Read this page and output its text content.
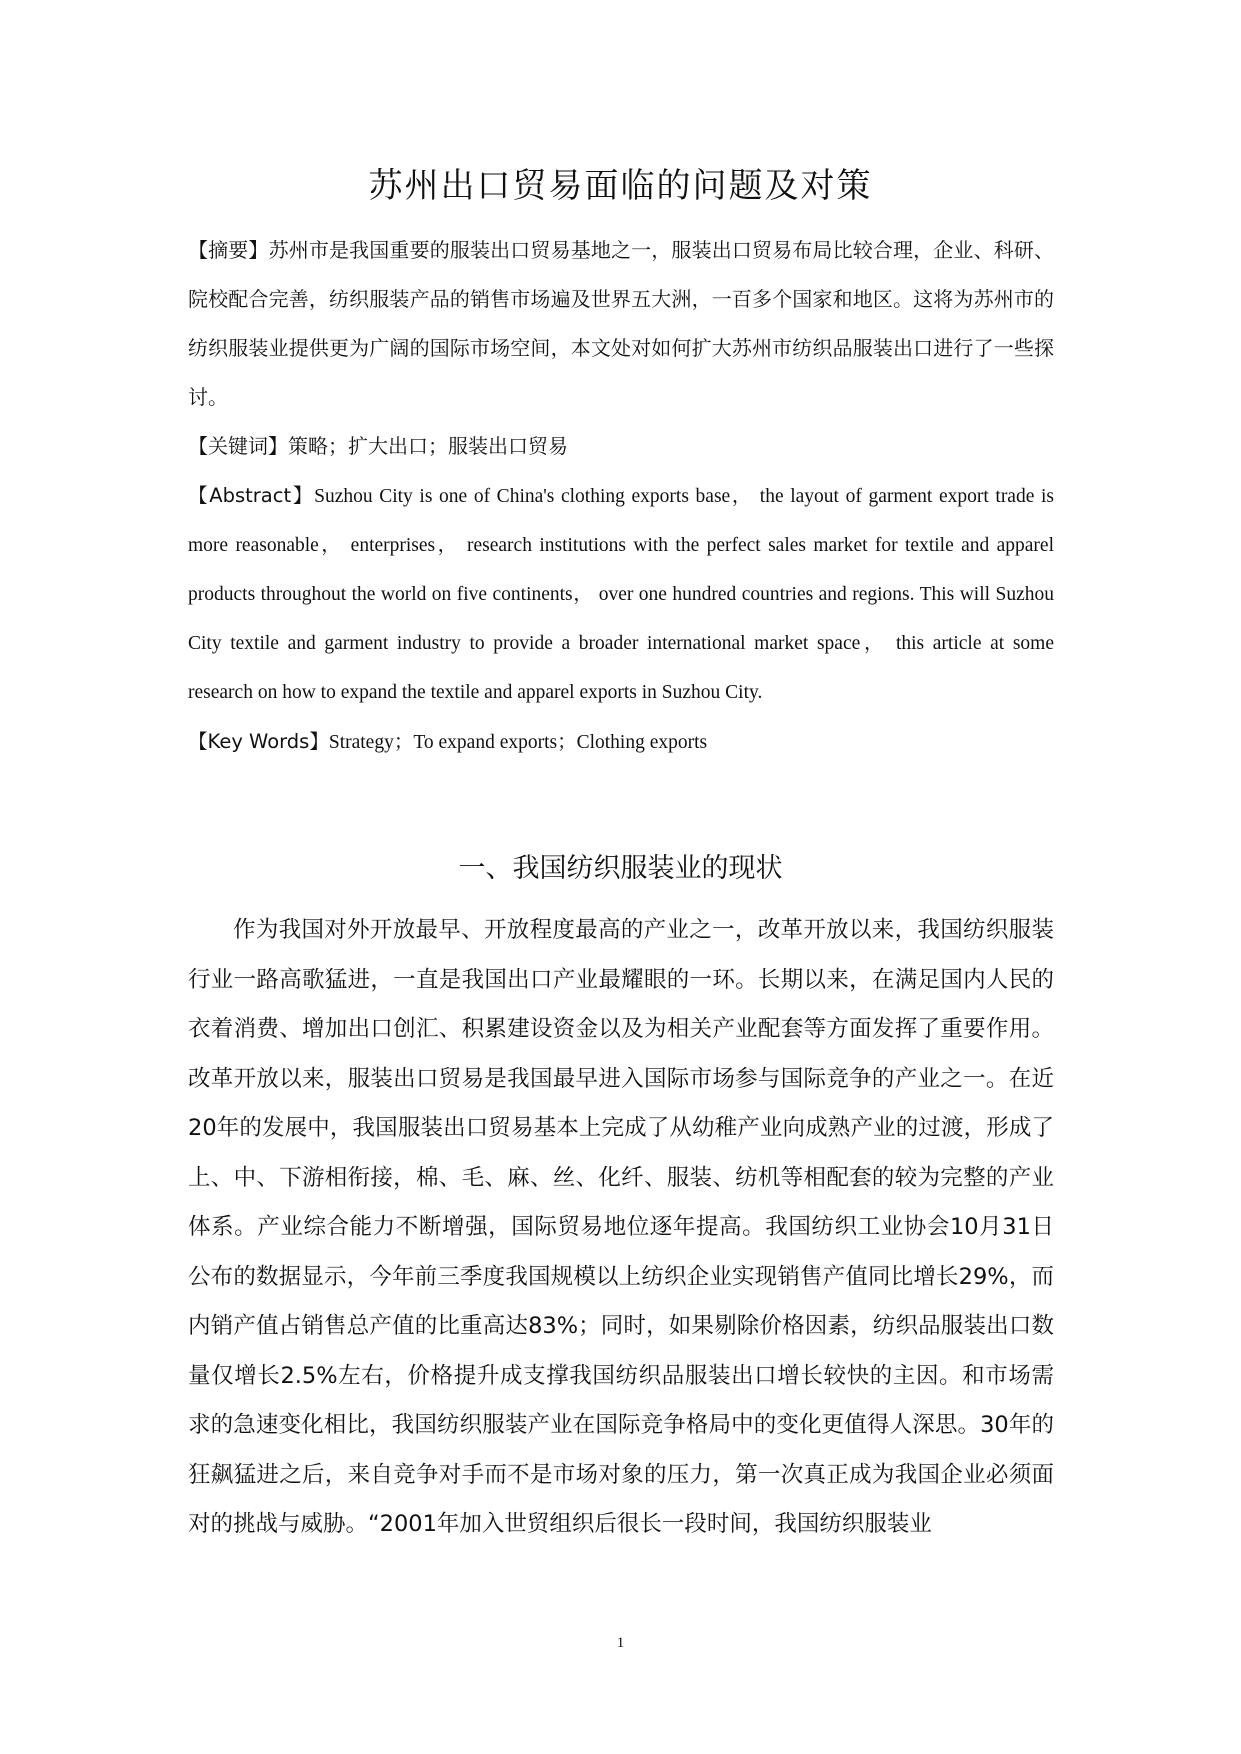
苏州出口贸易面临的问题及对策

【摘要】苏州市是我国重要的服装出口贸易基地之一，服装出口贸易布局比较合理，企业、科研、院校配合完善，纺织服装产品的销售市场遍及世界五大洲，一百多个国家和地区。这将为苏州市的纺织服装业提供更为广阔的国际市场空间，本文处对如何扩大苏州市纺织品服装出口进行了一些探讨。

【关键词】策略；扩大出口；服装出口贸易

【Abstract】Suzhou City is one of China's clothing exports base， the layout of garment export trade is more reasonable， enterprises， research institutions with the perfect sales market for textile and apparel products throughout the world on five continents， over one hundred countries and regions. This will Suzhou City textile and garment industry to provide a broader international market space， this article at some research on how to expand the textile and apparel exports in Suzhou City.

【Key Words】Strategy；To expand exports；Clothing exports

一、我国纺织服装业的现状

作为我国对外开放最早、开放程度最高的产业之一，改革开放以来，我国纺织服装行业一路高歌猛进，一直是我国出口产业最耀眼的一环。长期以来，在满足国内人民的衣着消费、增加出口创汇、积累建设资金以及为相关产业配套等方面发挥了重要作用。改革开放以来，服装出口贸易是我国最早进入国际市场参与国际竞争的产业之一。在近20年的发展中，我国服装出口贸易基本上完成了从幼稚产业向成熟产业的过渡，形成了上、中、下游相衔接，棉、毛、麻、丝、化纤、服装、纺机等相配套的较为完整的产业体系。产业综合能力不断增强，国际贸易地位逐年提高。我国纺织工业协会10月31日公布的数据显示，今年前三季度我国规模以上纺织企业实现销售产值同比增长29%，而内销产值占销售总产值的比重高达83%；同时，如果剔除价格因素，纺织品服装出口数量仅增长2.5%左右，价格提升成支撑我国纺织品服装出口增长较快的主因。和市场需求的急速变化相比，我国纺织服装产业在国际竞争格局中的变化更值得人深思。30年的狂飙猛进之后，来自竞争对手而不是市场对象的压力，第一次真正成为我国企业必须面对的挑战与威胁。“2001年加入世贸组织后很长一段时间，我国纺织服装业

1
